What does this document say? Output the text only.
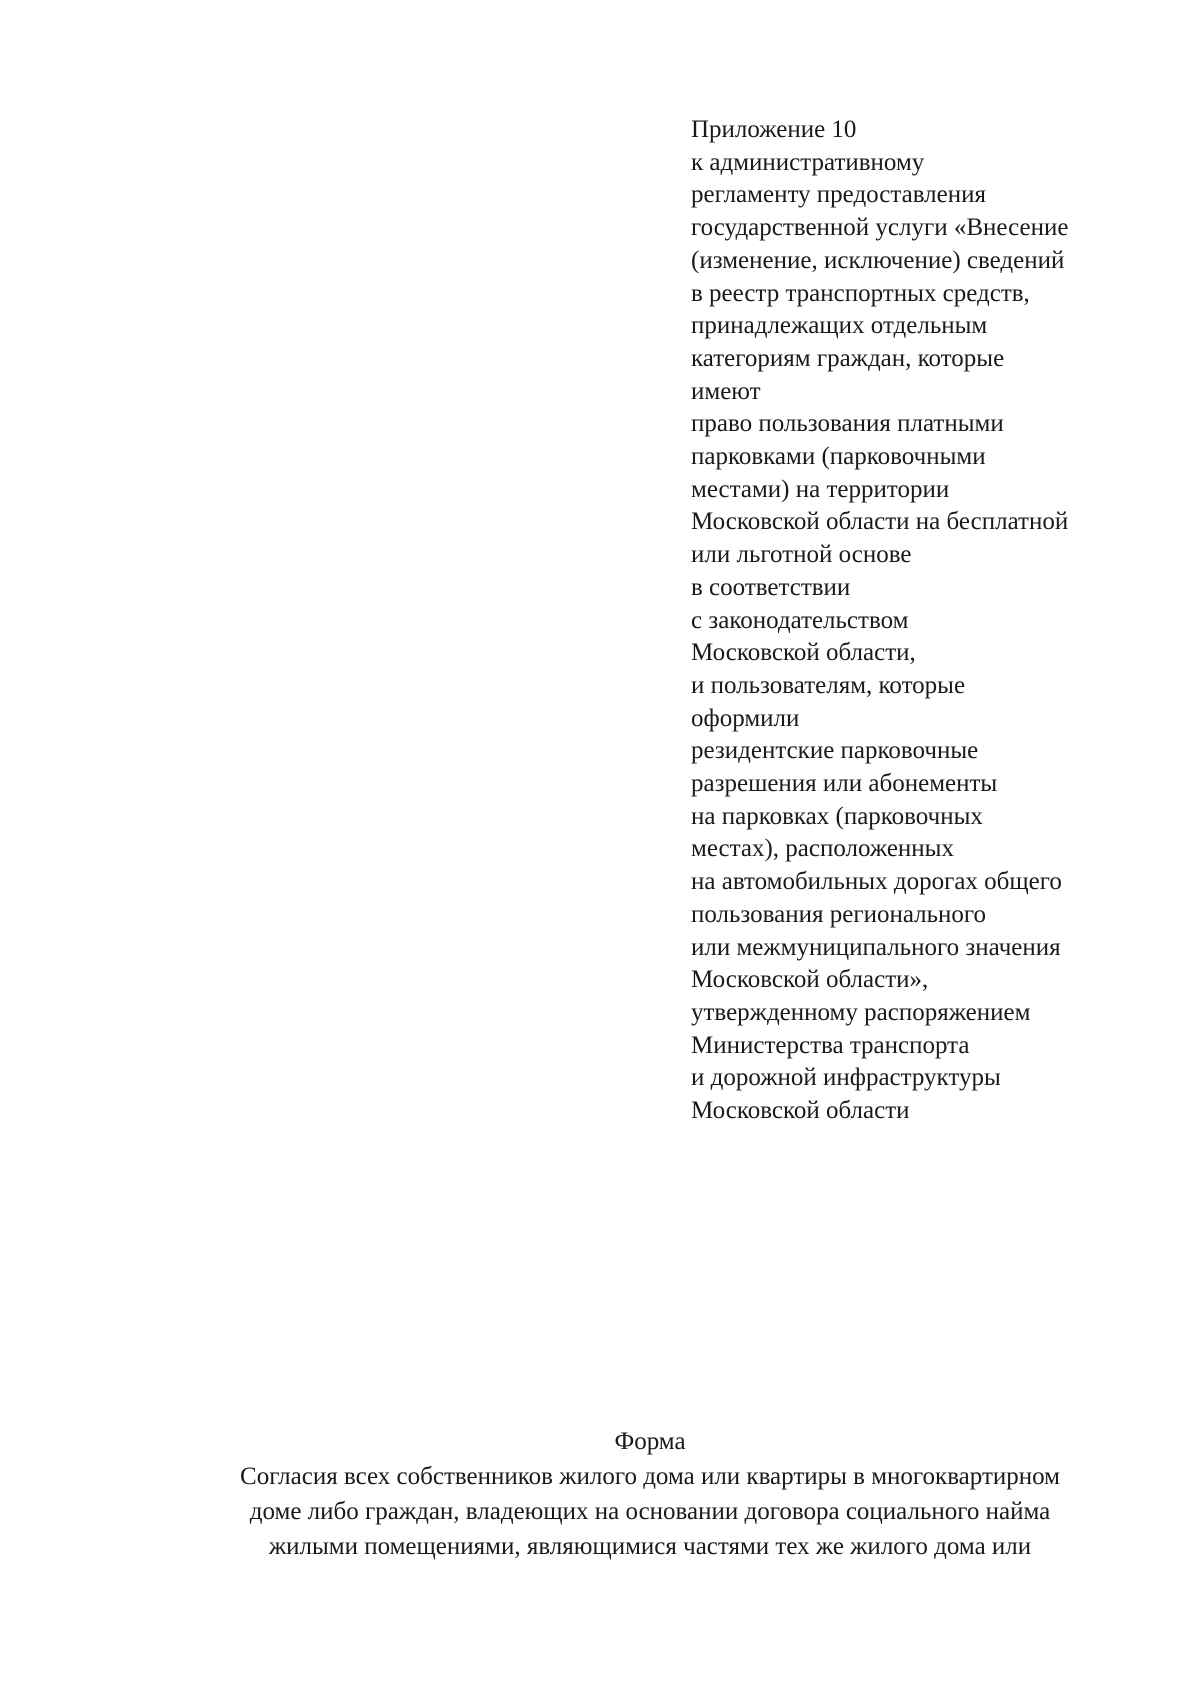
Приложение 10
к административному
регламенту предоставления
государственной услуги «Внесение
(изменение, исключение) сведений
в реестр транспортных средств,
принадлежащих отдельным
категориям граждан, которые
имеют
право пользования платными
парковками (парковочными
местами) на территории
Московской области на бесплатной
или льготной основе
в соответствии
с законодательством
Московской области,
и пользователям, которые
оформили
резидентские парковочные
разрешения или абонементы
на парковках (парковочных
местах), расположенных
на автомобильных дорогах общего
пользования регионального
или межмуниципального значения
Московской области»,
утвержденному распоряжением
Министерства транспорта
и дорожной инфраструктуры
Московской области
Форма
Согласия всех собственников жилого дома или квартиры в многоквартирном
доме либо граждан, владеющих на основании договора социального найма
жилыми помещениями, являющимися частями тех же жилого дома или
